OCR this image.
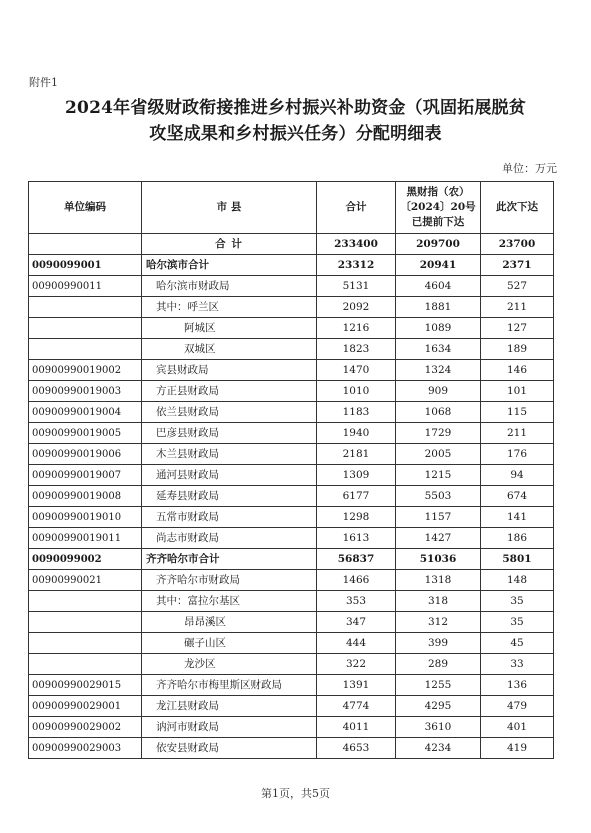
附件1
2024年省级财政衔接推进乡村振兴补助资金（巩固拓展脱贫
攻坚成果和乡村振兴任务）分配明细表
单位：万元
单位编码	市 县	合计	黑财指（农）〔2024〕20号已提前下达	此次下达
	合 计	233400	209700	23700
0090099001	哈尔滨市合计	23312	20941	2371
00900990011	哈尔滨市财政局	5131	4604	527
	其中：呼兰区	2092	1881	211
	阿城区	1216	1089	127
	双城区	1823	1634	189
00900990019002	宾县财政局	1470	1324	146
00900990019003	方正县财政局	1010	909	101
00900990019004	依兰县财政局	1183	1068	115
00900990019005	巴彦县财政局	1940	1729	211
00900990019006	木兰县财政局	2181	2005	176
00900990019007	通河县财政局	1309	1215	94
00900990019008	延寿县财政局	6177	5503	674
00900990019010	五常市财政局	1298	1157	141
00900990019011	尚志市财政局	1613	1427	186
0090099002	齐齐哈尔市合计	56837	51036	5801
00900990021	齐齐哈尔市财政局	1466	1318	148
	其中：富拉尔基区	353	318	35
	昂昂溪区	347	312	35
	碾子山区	444	399	45
	龙沙区	322	289	33
00900990029015	齐齐哈尔市梅里斯区财政局	1391	1255	136
00900990029001	龙江县财政局	4774	4295	479
00900990029002	讷河市财政局	4011	3610	401
00900990029003	依安县财政局	4653	4234	419
第1页，共5页
